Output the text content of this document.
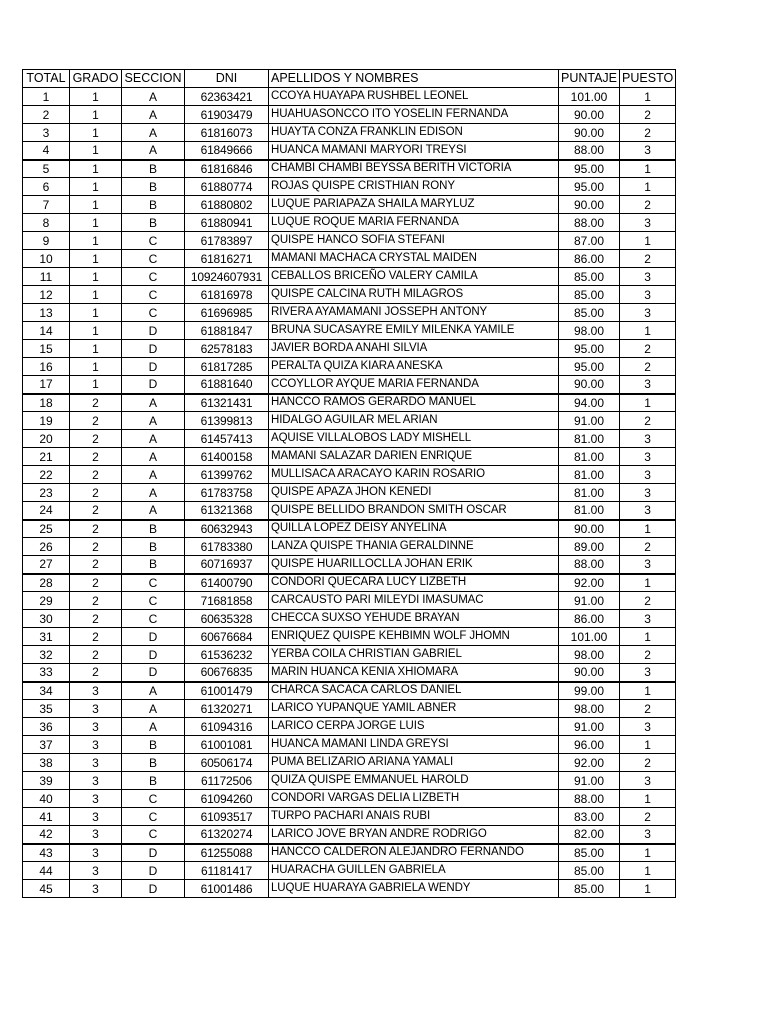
TOTAL	GRADO	SECCION	DNI	APELLIDOS Y NOMBRES	PUNTAJE	PUESTO
1	1	A	62363421	CCOYA HUAYAPA RUSHBEL LEONEL	101.00	1
2	1	A	61903479	HUAHUASONCCO ITO YOSELIN FERNANDA	90.00	2
3	1	A	61816073	HUAYTA CONZA FRANKLIN EDISON	90.00	2
4	1	A	61849666	HUANCA MAMANI MARYORI TREYSI	88.00	3
5	1	B	61816846	CHAMBI CHAMBI BEYSSA BERITH VICTORIA	95.00	1
6	1	B	61880774	ROJAS QUISPE CRISTHIAN RONY	95.00	1
7	1	B	61880802	LUQUE PARIAPAZA SHAILA MARYLUZ	90.00	2
8	1	B	61880941	LUQUE ROQUE MARIA FERNANDA	88.00	3
9	1	C	61783897	QUISPE HANCO SOFIA STEFANI	87.00	1
10	1	C	61816271	MAMANI MACHACA CRYSTAL MAIDEN	86.00	2
11	1	C	10924607931	CEBALLOS BRICEÑO VALERY CAMILA	85.00	3
12	1	C	61816978	QUISPE CALCINA RUTH MILAGROS	85.00	3
13	1	C	61696985	RIVERA AYAMAMANI JOSSEPH ANTONY	85.00	3
14	1	D	61881847	BRUNA SUCASAYRE EMILY MILENKA YAMILE	98.00	1
15	1	D	62578183	JAVIER BORDA ANAHI SILVIA	95.00	2
16	1	D	61817285	PERALTA QUIZA KIARA ANESKA	95.00	2
17	1	D	61881640	CCOYLLOR AYQUE MARIA FERNANDA	90.00	3
18	2	A	61321431	HANCCO RAMOS GERARDO MANUEL	94.00	1
19	2	A	61399813	HIDALGO AGUILAR MEL ARIAN	91.00	2
20	2	A	61457413	AQUISE VILLALOBOS LADY MISHELL	81.00	3
21	2	A	61400158	MAMANI SALAZAR DARIEN ENRIQUE	81.00	3
22	2	A	61399762	MULLISACA ARACAYO KARIN ROSARIO	81.00	3
23	2	A	61783758	QUISPE APAZA JHON KENEDI	81.00	3
24	2	A	61321368	QUISPE BELLIDO BRANDON SMITH OSCAR	81.00	3
25	2	B	60632943	QUILLA LOPEZ DEISY ANYELINA	90.00	1
26	2	B	61783380	LANZA QUISPE THANIA GERALDINNE	89.00	2
27	2	B	60716937	QUISPE HUARILLOCLLA JOHAN ERIK	88.00	3
28	2	C	61400790	CONDORI QUECARA LUCY LIZBETH	92.00	1
29	2	C	71681858	CARCAUSTO PARI MILEYDI IMASUMAC	91.00	2
30	2	C	60635328	CHECCA SUXSO YEHUDE BRAYAN	86.00	3
31	2	D	60676684	ENRIQUEZ QUISPE KEHBIMN WOLF JHOMN	101.00	1
32	2	D	61536232	YERBA COILA CHRISTIAN GABRIEL	98.00	2
33	2	D	60676835	MARIN HUANCA KENIA XHIOMARA	90.00	3
34	3	A	61001479	CHARCA SACACA CARLOS DANIEL	99.00	1
35	3	A	61320271	LARICO YUPANQUE YAMIL ABNER	98.00	2
36	3	A	61094316	LARICO CERPA JORGE LUIS	91.00	3
37	3	B	61001081	HUANCA MAMANI LINDA GREYSI	96.00	1
38	3	B	60506174	PUMA BELIZARIO ARIANA YAMALI	92.00	2
39	3	B	61172506	QUIZA QUISPE EMMANUEL HAROLD	91.00	3
40	3	C	61094260	CONDORI VARGAS DELIA LIZBETH	88.00	1
41	3	C	61093517	TURPO PACHARI ANAIS RUBI	83.00	2
42	3	C	61320274	LARICO JOVE BRYAN ANDRE RODRIGO	82.00	3
43	3	D	61255088	HANCCO CALDERON ALEJANDRO FERNANDO	85.00	1
44	3	D	61181417	HUARACHA GUILLEN GABRIELA	85.00	1
45	3	D	61001486	LUQUE HUARAYA GABRIELA WENDY	85.00	1
